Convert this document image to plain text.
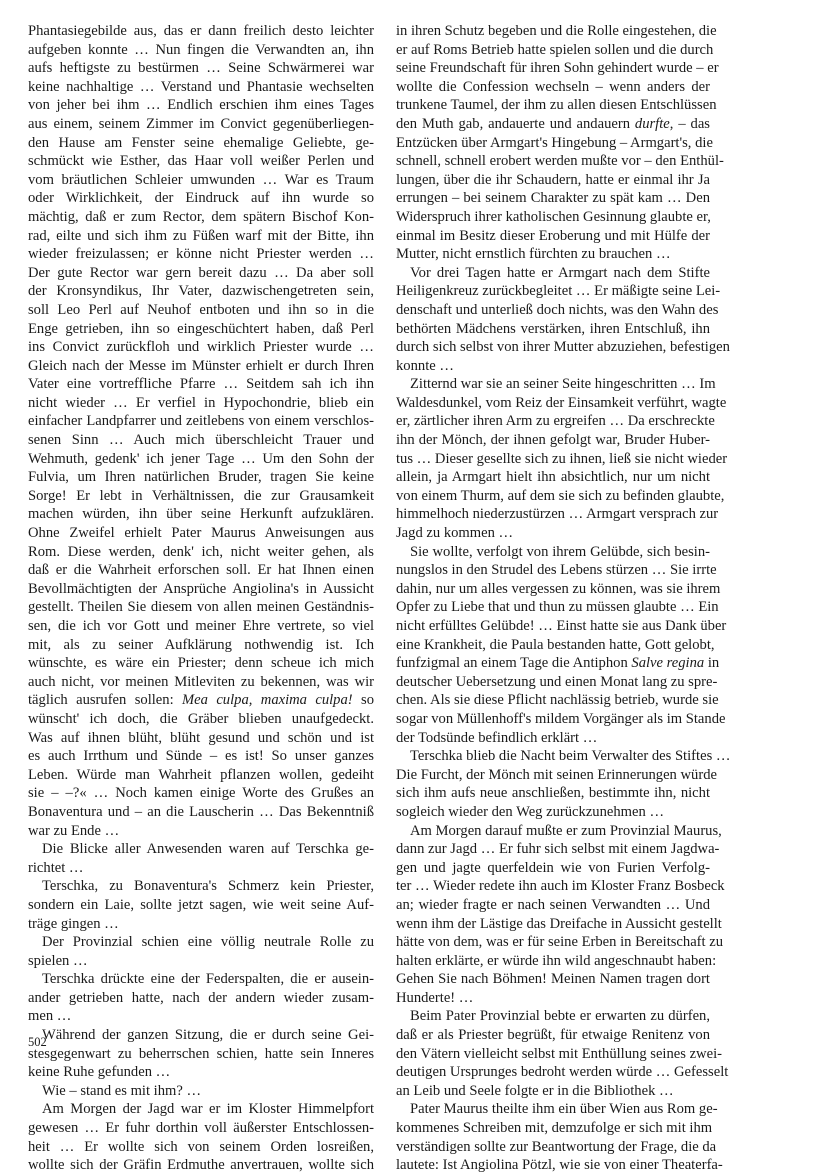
Phantasiegebilde aus, das er dann freilich desto leichter
aufgeben konnte … Nun fingen die Verwandten an, ihn
aufs heftigste zu bestürmen … Seine Schwärmerei war
keine nachhaltige … Verstand und Phantasie wechselten
von jeher bei ihm … Endlich erschien ihm eines Tages
aus einem, seinem Zimmer im Convict gegenüberliegen-
den Hause am Fenster seine ehemalige Geliebte, ge-
schmückt wie Esther, das Haar voll weißer Perlen und
vom bräutlichen Schleier umwunden … War es Traum
oder Wirklichkeit, der Eindruck auf ihn wurde so
mächtig, daß er zum Rector, dem spätern Bischof Kon-
rad, eilte und sich ihm zu Füßen warf mit der Bitte, ihn
wieder freizulassen; er könne nicht Priester werden …
Der gute Rector war gern bereit dazu … Da aber soll
der Kronsyndikus, Ihr Vater, dazwischengetreten sein,
soll Leo Perl auf Neuhof entboten und ihn so in die
Enge getrieben, ihn so eingeschüchtert haben, daß Perl
ins Convict zurückfloh und wirklich Priester wurde …
Gleich nach der Messe im Münster erhielt er durch Ihren
Vater eine vortreffliche Pfarre … Seitdem sah ich ihn
nicht wieder … Er verfiel in Hypochondrie, blieb ein
einfacher Landpfarrer und zeitlebens von einem verschlos-
senen Sinn … Auch mich überschleicht Trauer und
Wehmuth, gedenk' ich jener Tage … Um den Sohn der
Fulvia, um Ihren natürlichen Bruder, tragen Sie keine
Sorge! Er lebt in Verhältnissen, die zur Grausamkeit
machen würden, ihn über seine Herkunft aufzuklären.
Ohne Zweifel erhielt Pater Maurus Anweisungen aus
Rom. Diese werden, denk' ich, nicht weiter gehen, als
daß er die Wahrheit erforschen soll. Er hat Ihnen einen
Bevollmächtigten der Ansprüche Angiolina's in Aussicht
gestellt. Theilen Sie diesem von allen meinen Geständnis-
sen, die ich vor Gott und meiner Ehre vertrete, so viel
mit, als zu seiner Aufklärung nothwendig ist. Ich
wünschte, es wäre ein Priester; denn scheue ich mich
auch nicht, vor meinen Mitleviten zu bekennen, was wir
täglich ausrufen sollen: Mea culpa, maxima culpa! so
wünscht' ich doch, die Gräber blieben unaufgedeckt.
Was auf ihnen blüht, blüht gesund und schön und ist
es auch Irrthum und Sünde – es ist! So unser ganzes
Leben. Würde man Wahrheit pflanzen wollen, gedeiht
sie – –?« … Noch kamen einige Worte des Grußes an
Bonaventura und – an die Lauscherin … Das Bekenntniß
war zu Ende …
Die Blicke aller Anwesenden waren auf Terschka ge-
richtet …
Terschka, zu Bonaventura's Schmerz kein Priester,
sondern ein Laie, sollte jetzt sagen, wie weit seine Auf-
träge gingen …
Der Provinzial schien eine völlig neutrale Rolle zu
spielen …
Terschka drückte eine der Federspalten, die er ausein-
ander getrieben hatte, nach der andern wieder zusam-
men …
Während der ganzen Sitzung, die er durch seine Gei-
stesgegenwart zu beherrschen schien, hatte sein Inneres
keine Ruhe gefunden …
Wie – stand es mit ihm? …
Am Morgen der Jagd war er im Kloster Himmelpfort
gewesen … Er fuhr dorthin voll äußerster Entschlossen-
heit … Er wollte sich von seinem Orden losreißen,
wollte sich der Gräfin Erdmuthe anvertrauen, wollte sich
in ihren Schutz begeben und die Rolle eingestehen, die
er auf Roms Betrieb hatte spielen sollen und die durch
seine Freundschaft für ihren Sohn gehindert wurde – er
wollte die Confession wechseln – wenn anders der
trunkene Taumel, der ihm zu allen diesen Entschlüssen
den Muth gab, andauerte und andauern durfte, – das
Entzücken über Armgart's Hingebung – Armgart's, die
schnell, schnell erobert werden mußte vor – den Enthül-
lungen, über die ihr Schaudern, hatte er einmal ihr Ja
errungen – bei seinem Charakter zu spät kam … Den
Widerspruch ihrer katholischen Gesinnung glaubte er,
einmal im Besitz dieser Eroberung und mit Hülfe der
Mutter, nicht ernstlich fürchten zu brauchen …
Vor drei Tagen hatte er Armgart nach dem Stifte
Heiligenkreuz zurückbegleitet … Er mäßigte seine Lei-
denschaft und unterließ doch nichts, was den Wahn des
bethörten Mädchens verstärken, ihren Entschluß, ihn
durch sich selbst von ihrer Mutter abzuziehen, befestigen
konnte …
Zitternd war sie an seiner Seite hingeschritten … Im
Waldesdunkel, vom Reiz der Einsamkeit verführt, wagte
er, zärtlicher ihren Arm zu ergreifen … Da erschreckte
ihn der Mönch, der ihnen gefolgt war, Bruder Huber-
tus … Dieser gesellte sich zu ihnen, ließ sie nicht wieder
allein, ja Armgart hielt ihn absichtlich, nur um nicht
von einem Thurm, auf dem sie sich zu befinden glaubte,
himmelhoch niederzustürzen … Armgart versprach zur
Jagd zu kommen …
Sie wollte, verfolgt von ihrem Gelübde, sich besin-
nungslos in den Strudel des Lebens stürzen … Sie irrte
dahin, nur um alles vergessen zu können, was sie ihrem
Opfer zu Liebe that und thun zu müssen glaubte … Ein
nicht erfülltes Gelübde! … Einst hatte sie aus Dank über
eine Krankheit, die Paula bestanden hatte, Gott gelobt,
funfzigmal an einem Tage die Antiphon Salve regina in
deutscher Uebersetzung und einen Monat lang zu spre-
chen. Als sie diese Pflicht nachlässig betrieb, wurde sie
sogar von Müllenhoff's mildem Vorgänger als im Stande
der Todsünde befindlich erklärt …
Terschka blieb die Nacht beim Verwalter des Stiftes …
Die Furcht, der Mönch mit seinen Erinnerungen würde
sich ihm aufs neue anschließen, bestimmte ihn, nicht
sogleich wieder den Weg zurückzunehmen …
Am Morgen darauf mußte er zum Provinzial Maurus,
dann zur Jagd … Er fuhr sich selbst mit einem Jagdwa-
gen und jagte querfeldein wie von Furien Verfolg-
ter … Wieder redete ihn auch im Kloster Franz Bosbeck
an; wieder fragte er nach seinen Verwandten … Und
wenn ihm der Lästige das Dreifache in Aussicht gestellt
hätte von dem, was er für seine Erben in Bereitschaft zu
halten erklärte, er würde ihn wild angeschnaubt haben:
Gehen Sie nach Böhmen! Meinen Namen tragen dort
Hunderte! …
Beim Pater Provinzial bebte er erwarten zu dürfen,
daß er als Priester begrüßt, für etwaige Renitenz von
den Vätern vielleicht selbst mit Enthüllung seines zwei-
deutigen Ursprunges bedroht werden würde … Gefesselt
an Leib und Seele folgte er in die Bibliothek …
Pater Maurus theilte ihm ein über Wien aus Rom ge-
kommenes Schreiben mit, demzufolge er sich mit ihm
verständigen sollte zur Beantwortung der Frage, die da
lautete: Ist Angiolina Pötzl, wie sie von einer Theaterfa-
502
